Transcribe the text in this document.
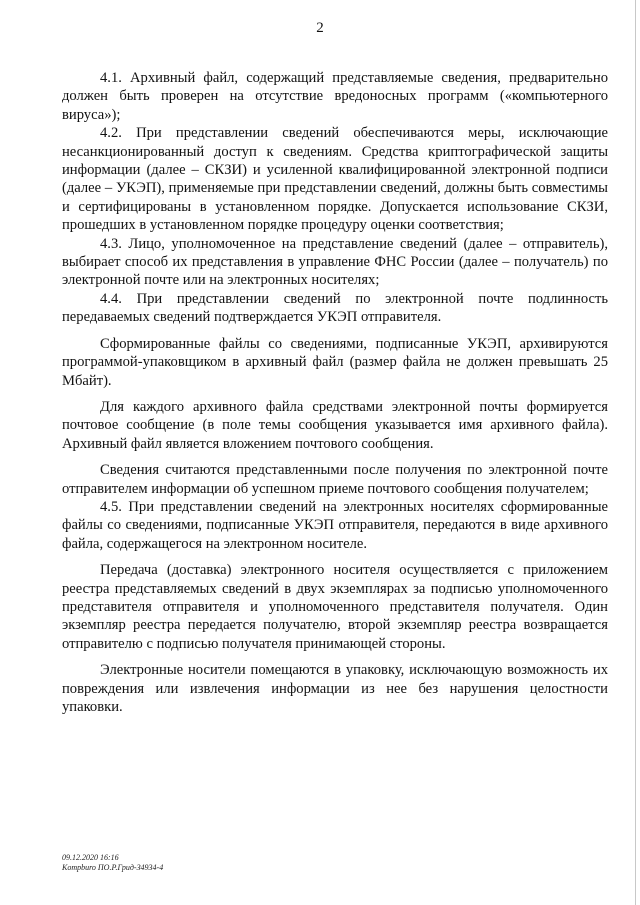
2

4.1. Архивный файл, содержащий представляемые сведения, предварительно должен быть проверен на отсутствие вредоносных программ («компьютерного вируса»);

4.2. При представлении сведений обеспечиваются меры, исключающие несанкционированный доступ к сведениям. Средства криптографической защиты информации (далее – СКЗИ) и усиленной квалифицированной электронной подписи (далее – УКЭП), применяемые при представлении сведений, должны быть совместимы и сертифицированы в установленном порядке. Допускается использование СКЗИ, прошедших в установленном порядке процедуру оценки соответствия;

4.3. Лицо, уполномоченное на представление сведений (далее – отправитель), выбирает способ их представления в управление ФНС России (далее – получатель) по электронной почте или на электронных носителях;

4.4. При представлении сведений по электронной почте подлинность передаваемых сведений подтверждается УКЭП отправителя.

Сформированные файлы со сведениями, подписанные УКЭП, архивируются программой-упаковщиком в архивный файл (размер файла не должен превышать 25 Мбайт).

Для каждого архивного файла средствами электронной почты формируется почтовое сообщение (в поле темы сообщения указывается имя архивного файла). Архивный файл является вложением почтового сообщения.

Сведения считаются представленными после получения по электронной почте отправителем информации об успешном приеме почтового сообщения получателем;

4.5. При представлении сведений на электронных носителях сформированные файлы со сведениями, подписанные УКЭП отправителя, передаются в виде архивного файла, содержащегося на электронном носителе.

Передача (доставка) электронного носителя осуществляется с приложением реестра представляемых сведений в двух экземплярах за подписью уполномоченного представителя отправителя и уполномоченного представителя получателя. Один экземпляр реестра передается получателю, второй экземпляр реестра возвращается отправителю с подписью получателя принимающей стороны.

Электронные носители помещаются в упаковку, исключающую возможность их повреждения или извлечения информации из нее без нарушения целостности упаковки.

09.12.2020 16:16
Кompburo ПО.Р.Грид-З4934-4
